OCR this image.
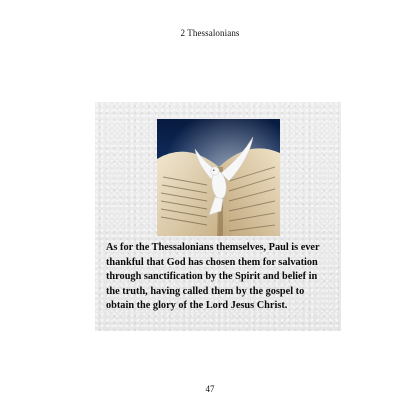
2 Thessalonians
As for the Thessalonians themselves, Paul is ever
thankful that God has chosen them for salvation
through sanctification by the Spirit and belief in
the truth, having called them by the gospel to
obtain the glory of the Lord Jesus Christ.
47
